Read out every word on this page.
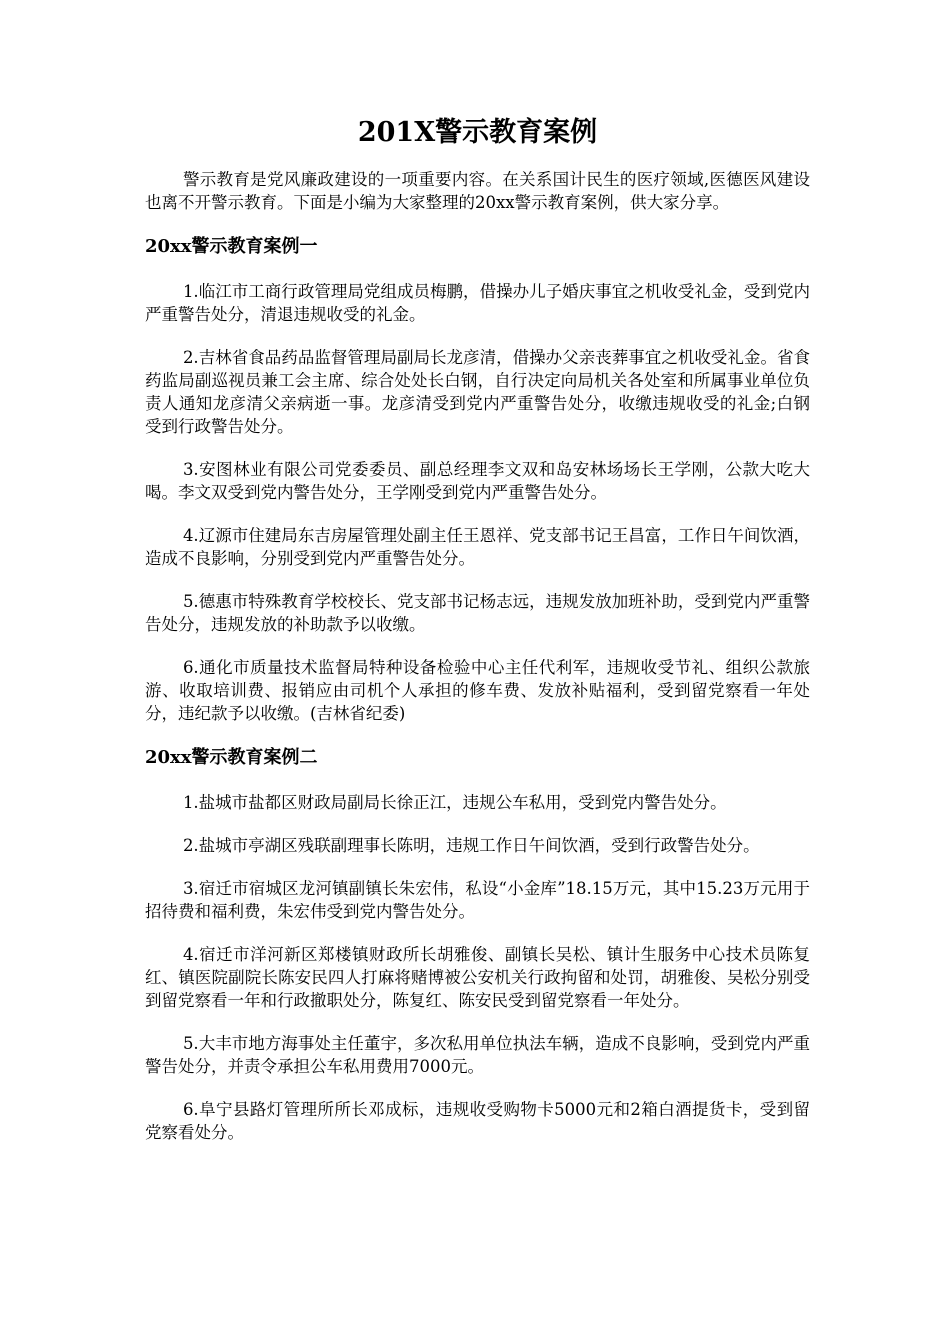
201X警示教育案例

警示教育是党风廉政建设的一项重要内容。在关系国计民生的医疗领域,医德医风建设也离不开警示教育。下面是小编为大家整理的20xx警示教育案例，供大家分享。

20xx警示教育案例一

1.临江市工商行政管理局党组成员梅鹏，借操办儿子婚庆事宜之机收受礼金，受到党内严重警告处分，清退违规收受的礼金。

2.吉林省食品药品监督管理局副局长龙彦清，借操办父亲丧葬事宜之机收受礼金。省食药监局副巡视员兼工会主席、综合处处长白钢，自行决定向局机关各处室和所属事业单位负责人通知龙彦清父亲病逝一事。龙彦清受到党内严重警告处分，收缴违规收受的礼金;白钢受到行政警告处分。

3.安图林业有限公司党委委员、副总经理李文双和岛安林场场长王学刚，公款大吃大喝。李文双受到党内警告处分，王学刚受到党内严重警告处分。

4.辽源市住建局东吉房屋管理处副主任王恩祥、党支部书记王昌富，工作日午间饮酒，造成不良影响，分别受到党内严重警告处分。

5.德惠市特殊教育学校校长、党支部书记杨志远，违规发放加班补助，受到党内严重警告处分，违规发放的补助款予以收缴。

6.通化市质量技术监督局特种设备检验中心主任代利军，违规收受节礼、组织公款旅游、收取培训费、报销应由司机个人承担的修车费、发放补贴福利，受到留党察看一年处分，违纪款予以收缴。(吉林省纪委)

20xx警示教育案例二

1.盐城市盐都区财政局副局长徐正江，违规公车私用，受到党内警告处分。

2.盐城市亭湖区残联副理事长陈明，违规工作日午间饮酒，受到行政警告处分。

3.宿迁市宿城区龙河镇副镇长朱宏伟，私设“小金库”18.15万元，其中15.23万元用于招待费和福利费，朱宏伟受到党内警告处分。

4.宿迁市洋河新区郑楼镇财政所长胡雅俊、副镇长吴松、镇计生服务中心技术员陈复红、镇医院副院长陈安民四人打麻将赌博被公安机关行政拘留和处罚，胡雅俊、吴松分别受到留党察看一年和行政撤职处分，陈复红、陈安民受到留党察看一年处分。

5.大丰市地方海事处主任董宇，多次私用单位执法车辆，造成不良影响，受到党内严重警告处分，并责令承担公车私用费用7000元。

6.阜宁县路灯管理所所长邓成标，违规收受购物卡5000元和2箱白酒提货卡，受到留党察看处分。
